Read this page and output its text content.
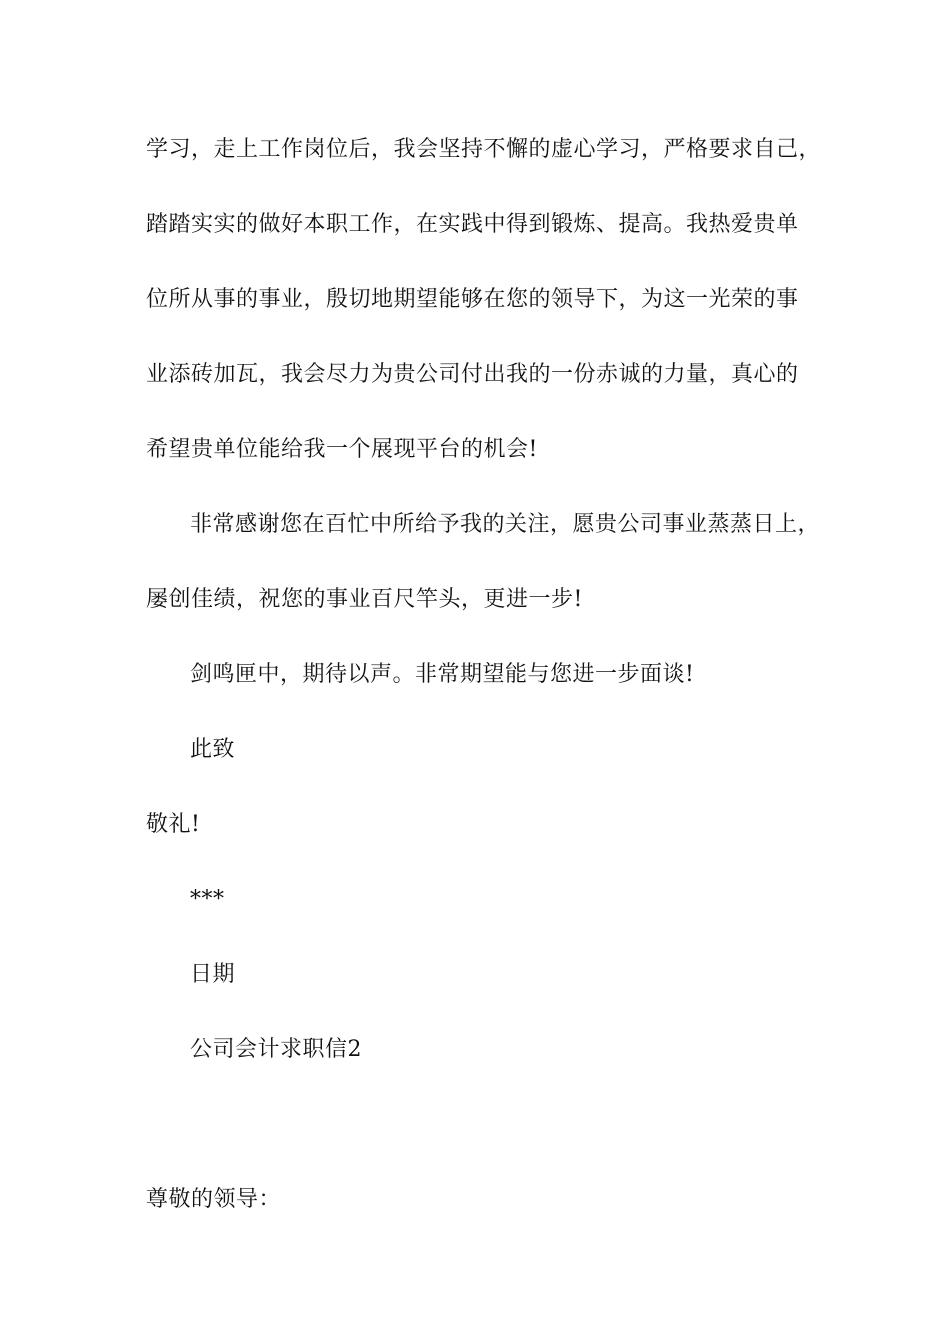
学习，走上工作岗位后，我会坚持不懈的虚心学习，严格要求自己，
踏踏实实的做好本职工作，在实践中得到锻炼、提高。我热爱贵单
位所从事的事业，殷切地期望能够在您的领导下，为这一光荣的事
业添砖加瓦，我会尽力为贵公司付出我的一份赤诚的力量，真心的
希望贵单位能给我一个展现平台的机会!
非常感谢您在百忙中所给予我的关注，愿贵公司事业蒸蒸日上，
屡创佳绩，祝您的事业百尺竿头，更进一步!
剑鸣匣中，期待以声。非常期望能与您进一步面谈!
此致
敬礼!
***
日期
公司会计求职信2
尊敬的领导：
